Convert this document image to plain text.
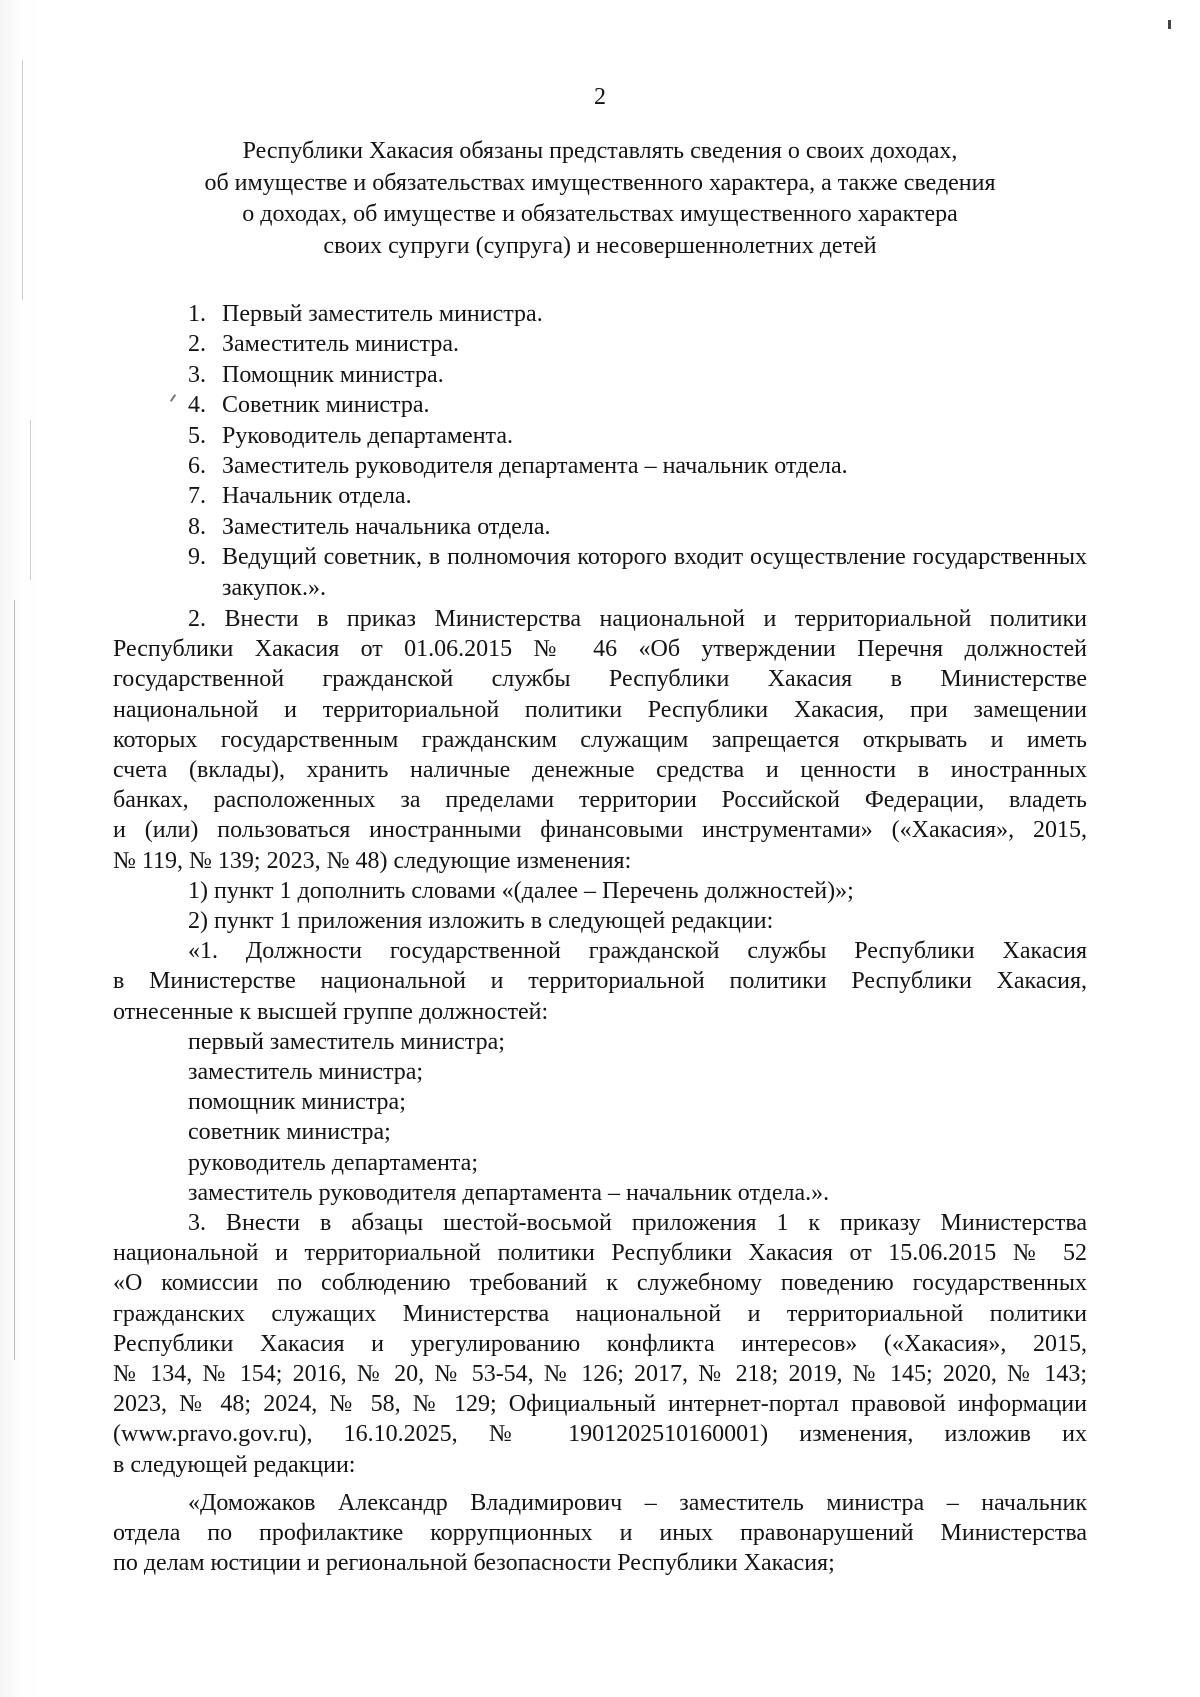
2
Республики Хакасия обязаны представлять сведения о своих доходах,
об имуществе и обязательствах имущественного характера, а также сведения
о доходах, об имуществе и обязательствах имущественного характера
своих супруги (супруга) и несовершеннолетних детей
1. Первый заместитель министра.
2. Заместитель министра.
3. Помощник министра.
4. Советник министра.
5. Руководитель департамента.
6. Заместитель руководителя департамента – начальник отдела.
7. Начальник отдела.
8. Заместитель начальника отдела.
9. Ведущий советник, в полномочия которого входит осуществление государственных закупок.».
2. Внести в приказ Министерства национальной и территориальной политики
Республики Хакасия от 01.06.2015 № 46 «Об утверждении Перечня должностей
государственной гражданской службы Республики Хакасия в Министерстве
национальной и территориальной политики Республики Хакасия, при замещении
которых государственным гражданским служащим запрещается открывать и иметь
счета (вклады), хранить наличные денежные средства и ценности в иностранных
банках, расположенных за пределами территории Российской Федерации, владеть
и (или) пользоваться иностранными финансовыми инструментами» («Хакасия», 2015,
№ 119, № 139; 2023, № 48) следующие изменения:
1) пункт 1 дополнить словами «(далее – Перечень должностей)»;
2) пункт 1 приложения изложить в следующей редакции:
«1. Должности государственной гражданской службы Республики Хакасия
в Министерстве национальной и территориальной политики Республики Хакасия,
отнесенные к высшей группе должностей:
первый заместитель министра;
заместитель министра;
помощник министра;
советник министра;
руководитель департамента;
заместитель руководителя департамента – начальник отдела.».
3. Внести в абзацы шестой-восьмой приложения 1 к приказу Министерства
национальной и территориальной политики Республики Хакасия от 15.06.2015 № 52
«О комиссии по соблюдению требований к служебному поведению государственных
гражданских служащих Министерства национальной и территориальной политики
Республики Хакасия и урегулированию конфликта интересов» («Хакасия», 2015,
№ 134, № 154; 2016, № 20, № 53-54, № 126; 2017, № 218; 2019, № 145; 2020, № 143;
2023, № 48; 2024, № 58, № 129; Официальный интернет-портал правовой информации
(www.pravo.gov.ru), 16.10.2025, № 1901202510160001) изменения, изложив их
в следующей редакции:
«Доможаков Александр Владимирович – заместитель министра – начальник
отдела по профилактике коррупционных и иных правонарушений Министерства
по делам юстиции и региональной безопасности Республики Хакасия;
